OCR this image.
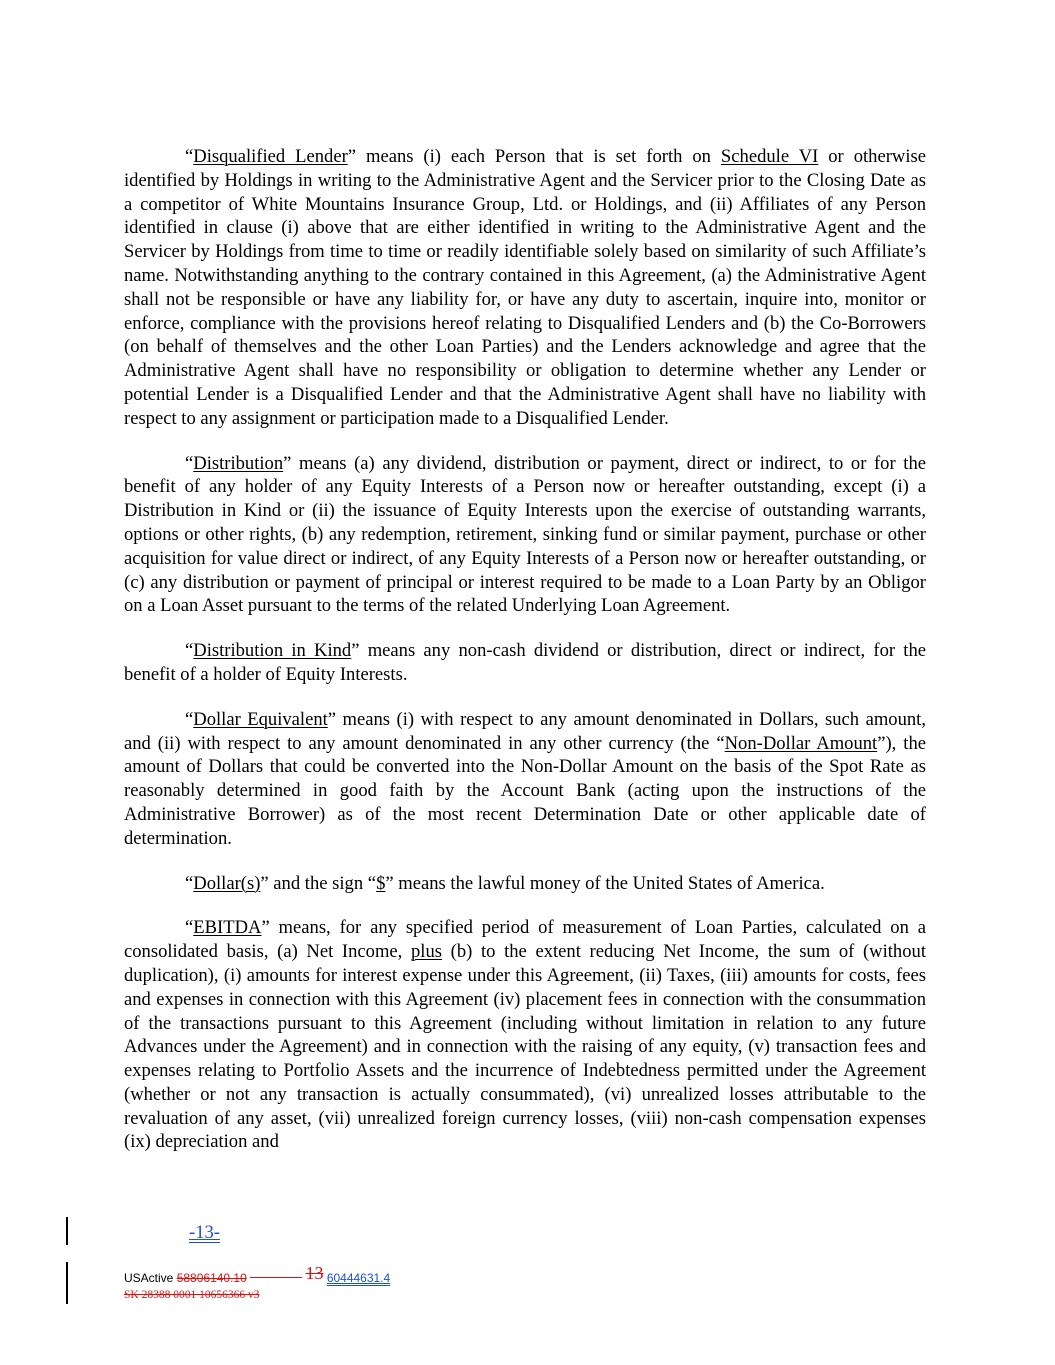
“Disqualified Lender” means (i) each Person that is set forth on Schedule VI or otherwise identified by Holdings in writing to the Administrative Agent and the Servicer prior to the Closing Date as a competitor of White Mountains Insurance Group, Ltd. or Holdings, and (ii) Affiliates of any Person identified in clause (i) above that are either identified in writing to the Administrative Agent and the Servicer by Holdings from time to time or readily identifiable solely based on similarity of such Affiliate’s name. Notwithstanding anything to the contrary contained in this Agreement, (a) the Administrative Agent shall not be responsible or have any liability for, or have any duty to ascertain, inquire into, monitor or enforce, compliance with the provisions hereof relating to Disqualified Lenders and (b) the Co-Borrowers (on behalf of themselves and the other Loan Parties) and the Lenders acknowledge and agree that the Administrative Agent shall have no responsibility or obligation to determine whether any Lender or potential Lender is a Disqualified Lender and that the Administrative Agent shall have no liability with respect to any assignment or participation made to a Disqualified Lender.

“Distribution” means (a) any dividend, distribution or payment, direct or indirect, to or for the benefit of any holder of any Equity Interests of a Person now or hereafter outstanding, except (i) a Distribution in Kind or (ii) the issuance of Equity Interests upon the exercise of outstanding warrants, options or other rights, (b) any redemption, retirement, sinking fund or similar payment, purchase or other acquisition for value direct or indirect, of any Equity Interests of a Person now or hereafter outstanding, or (c) any distribution or payment of principal or interest required to be made to a Loan Party by an Obligor on a Loan Asset pursuant to the terms of the related Underlying Loan Agreement.

“Distribution in Kind” means any non-cash dividend or distribution, direct or indirect, for the benefit of a holder of Equity Interests.

“Dollar Equivalent” means (i) with respect to any amount denominated in Dollars, such amount, and (ii) with respect to any amount denominated in any other currency (the “Non-Dollar Amount”), the amount of Dollars that could be converted into the Non-Dollar Amount on the basis of the Spot Rate as reasonably determined in good faith by the Account Bank (acting upon the instructions of the Administrative Borrower) as of the most recent Determination Date or other applicable date of determination.

“Dollar(s)” and the sign “$” means the lawful money of the United States of America.

“EBITDA” means, for any specified period of measurement of Loan Parties, calculated on a consolidated basis, (a) Net Income, plus (b) to the extent reducing Net Income, the sum of (without duplication), (i) amounts for interest expense under this Agreement, (ii) Taxes, (iii) amounts for costs, fees and expenses in connection with this Agreement (iv) placement fees in connection with the consummation of the transactions pursuant to this Agreement (including without limitation in relation to any future Advances under the Agreement) and in connection with the raising of any equity, (v) transaction fees and expenses relating to Portfolio Assets and the incurrence of Indebtedness permitted under the Agreement (whether or not any transaction is actually consummated), (vi) unrealized losses attributable to the revaluation of any asset, (vii) unrealized foreign currency losses, (viii) non-cash compensation expenses (ix) depreciation and

-13-
USActive 58806140.10	13 60444631.4
SK 28388 0001 10656366 v3
